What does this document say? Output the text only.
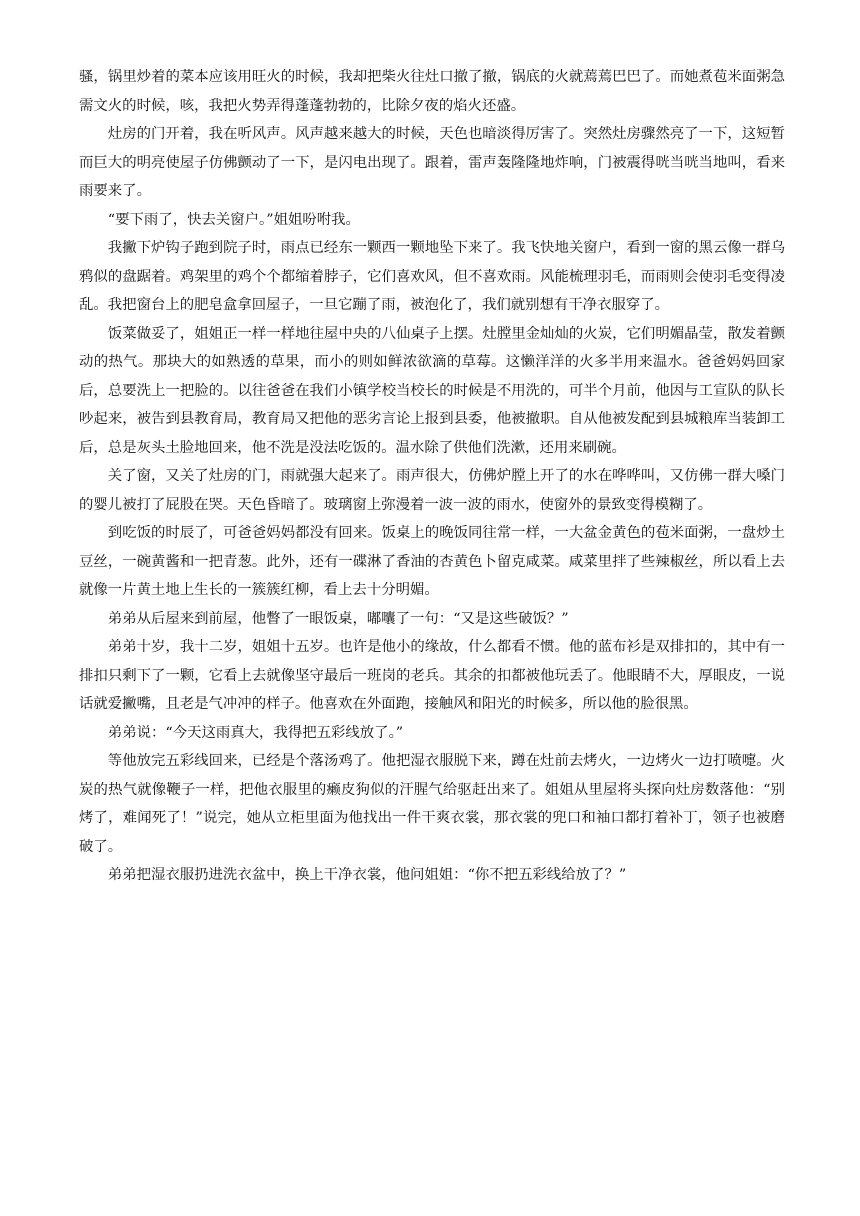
骚，锅里炒着的菜本应该用旺火的时候，我却把柴火往灶口撤了撤，锅底的火就蔫蔫巴巴了。而她煮苞米面粥急需文火的时候，咳，我把火势弄得蓬蓬勃勃的，比除夕夜的焰火还盛。

灶房的门开着，我在听风声。风声越来越大的时候，天色也暗淡得厉害了。突然灶房骤然亮了一下，这短暂而巨大的明亮使屋子仿佛颤动了一下，是闪电出现了。跟着，雷声轰隆隆地炸响，门被震得咣当咣当地叫，看来雨要来了。

“要下雨了，快去关窗户。”姐姐吩咐我。

我撇下炉钩子跑到院子时，雨点已经东一颗西一颗地坠下来了。我飞快地关窗户，看到一窗的黑云像一群乌鸦似的盘踞着。鸡架里的鸡个个都缩着脖子，它们喜欢风，但不喜欢雨。风能梳理羽毛，而雨则会使羽毛变得凌乱。我把窗台上的肥皂盒拿回屋子，一旦它蹦了雨，被泡化了，我们就别想有干净衣服穿了。

饭菜做妥了，姐姐正一样一样地往屋中央的八仙桌子上摆。灶膛里金灿灿的火炭，它们明媚晶莹，散发着颤动的热气。那块大的如熟透的草果，而小的则如鲜浓欲滴的草莓。这懒洋洋的火多半用来温水。爸爸妈妈回家后，总要洗上一把脸的。以往爸爸在我们小镇学校当校长的时候是不用洗的，可半个月前，他因与工宣队的队长吵起来，被告到县教育局，教育局又把他的恶劣言论上报到县委，他被撤职。自从他被发配到县城粮库当装卸工后，总是灰头土脸地回来，他不洗是没法吃饭的。温水除了供他们洗漱，还用来刷碗。

关了窗，又关了灶房的门，雨就强大起来了。雨声很大，仿佛炉膛上开了的水在哗哗叫，又仿佛一群大嗓门的婴儿被打了屁股在哭。天色昏暗了。玻璃窗上弥漫着一波一波的雨水，使窗外的景致变得模糊了。

到吃饭的时辰了，可爸爸妈妈都没有回来。饭桌上的晚饭同往常一样，一大盆金黄色的苞米面粥，一盘炒土豆丝，一碗黄酱和一把青葱。此外，还有一碟淋了香油的杏黄色卜留克咸菜。咸菜里拌了些辣椒丝，所以看上去就像一片黄土地上生长的一簇簇红柳，看上去十分明媚。

弟弟从后屋来到前屋，他瞥了一眼饭桌，嘟囔了一句：“又是这些破饭？”

弟弟十岁，我十二岁，姐姐十五岁。也许是他小的缘故，什么都看不惯。他的蓝布衫是双排扣的，其中有一排扣只剩下了一颗，它看上去就像坚守最后一班岗的老兵。其余的扣都被他玩丢了。他眼睛不大，厚眼皮，一说话就爱撇嘴，且老是气冲冲的样子。他喜欢在外面跑，接触风和阳光的时候多，所以他的脸很黑。

弟弟说：“今天这雨真大，我得把五彩线放了。”

等他放完五彩线回来，已经是个落汤鸡了。他把湿衣服脱下来，蹲在灶前去烤火，一边烤火一边打喷嚏。火炭的热气就像鞭子一样，把他衣服里的癞皮狗似的汗腥气给驱赶出来了。姐姐从里屋将头探向灶房数落他：“别烤了，难闻死了！”说完，她从立柜里面为他找出一件干爽衣裳，那衣裳的兜口和袖口都打着补丁，领子也被磨破了。

弟弟把湿衣服扔进洗衣盆中，换上干净衣裳，他问姐姐：“你不把五彩线给放了？”
